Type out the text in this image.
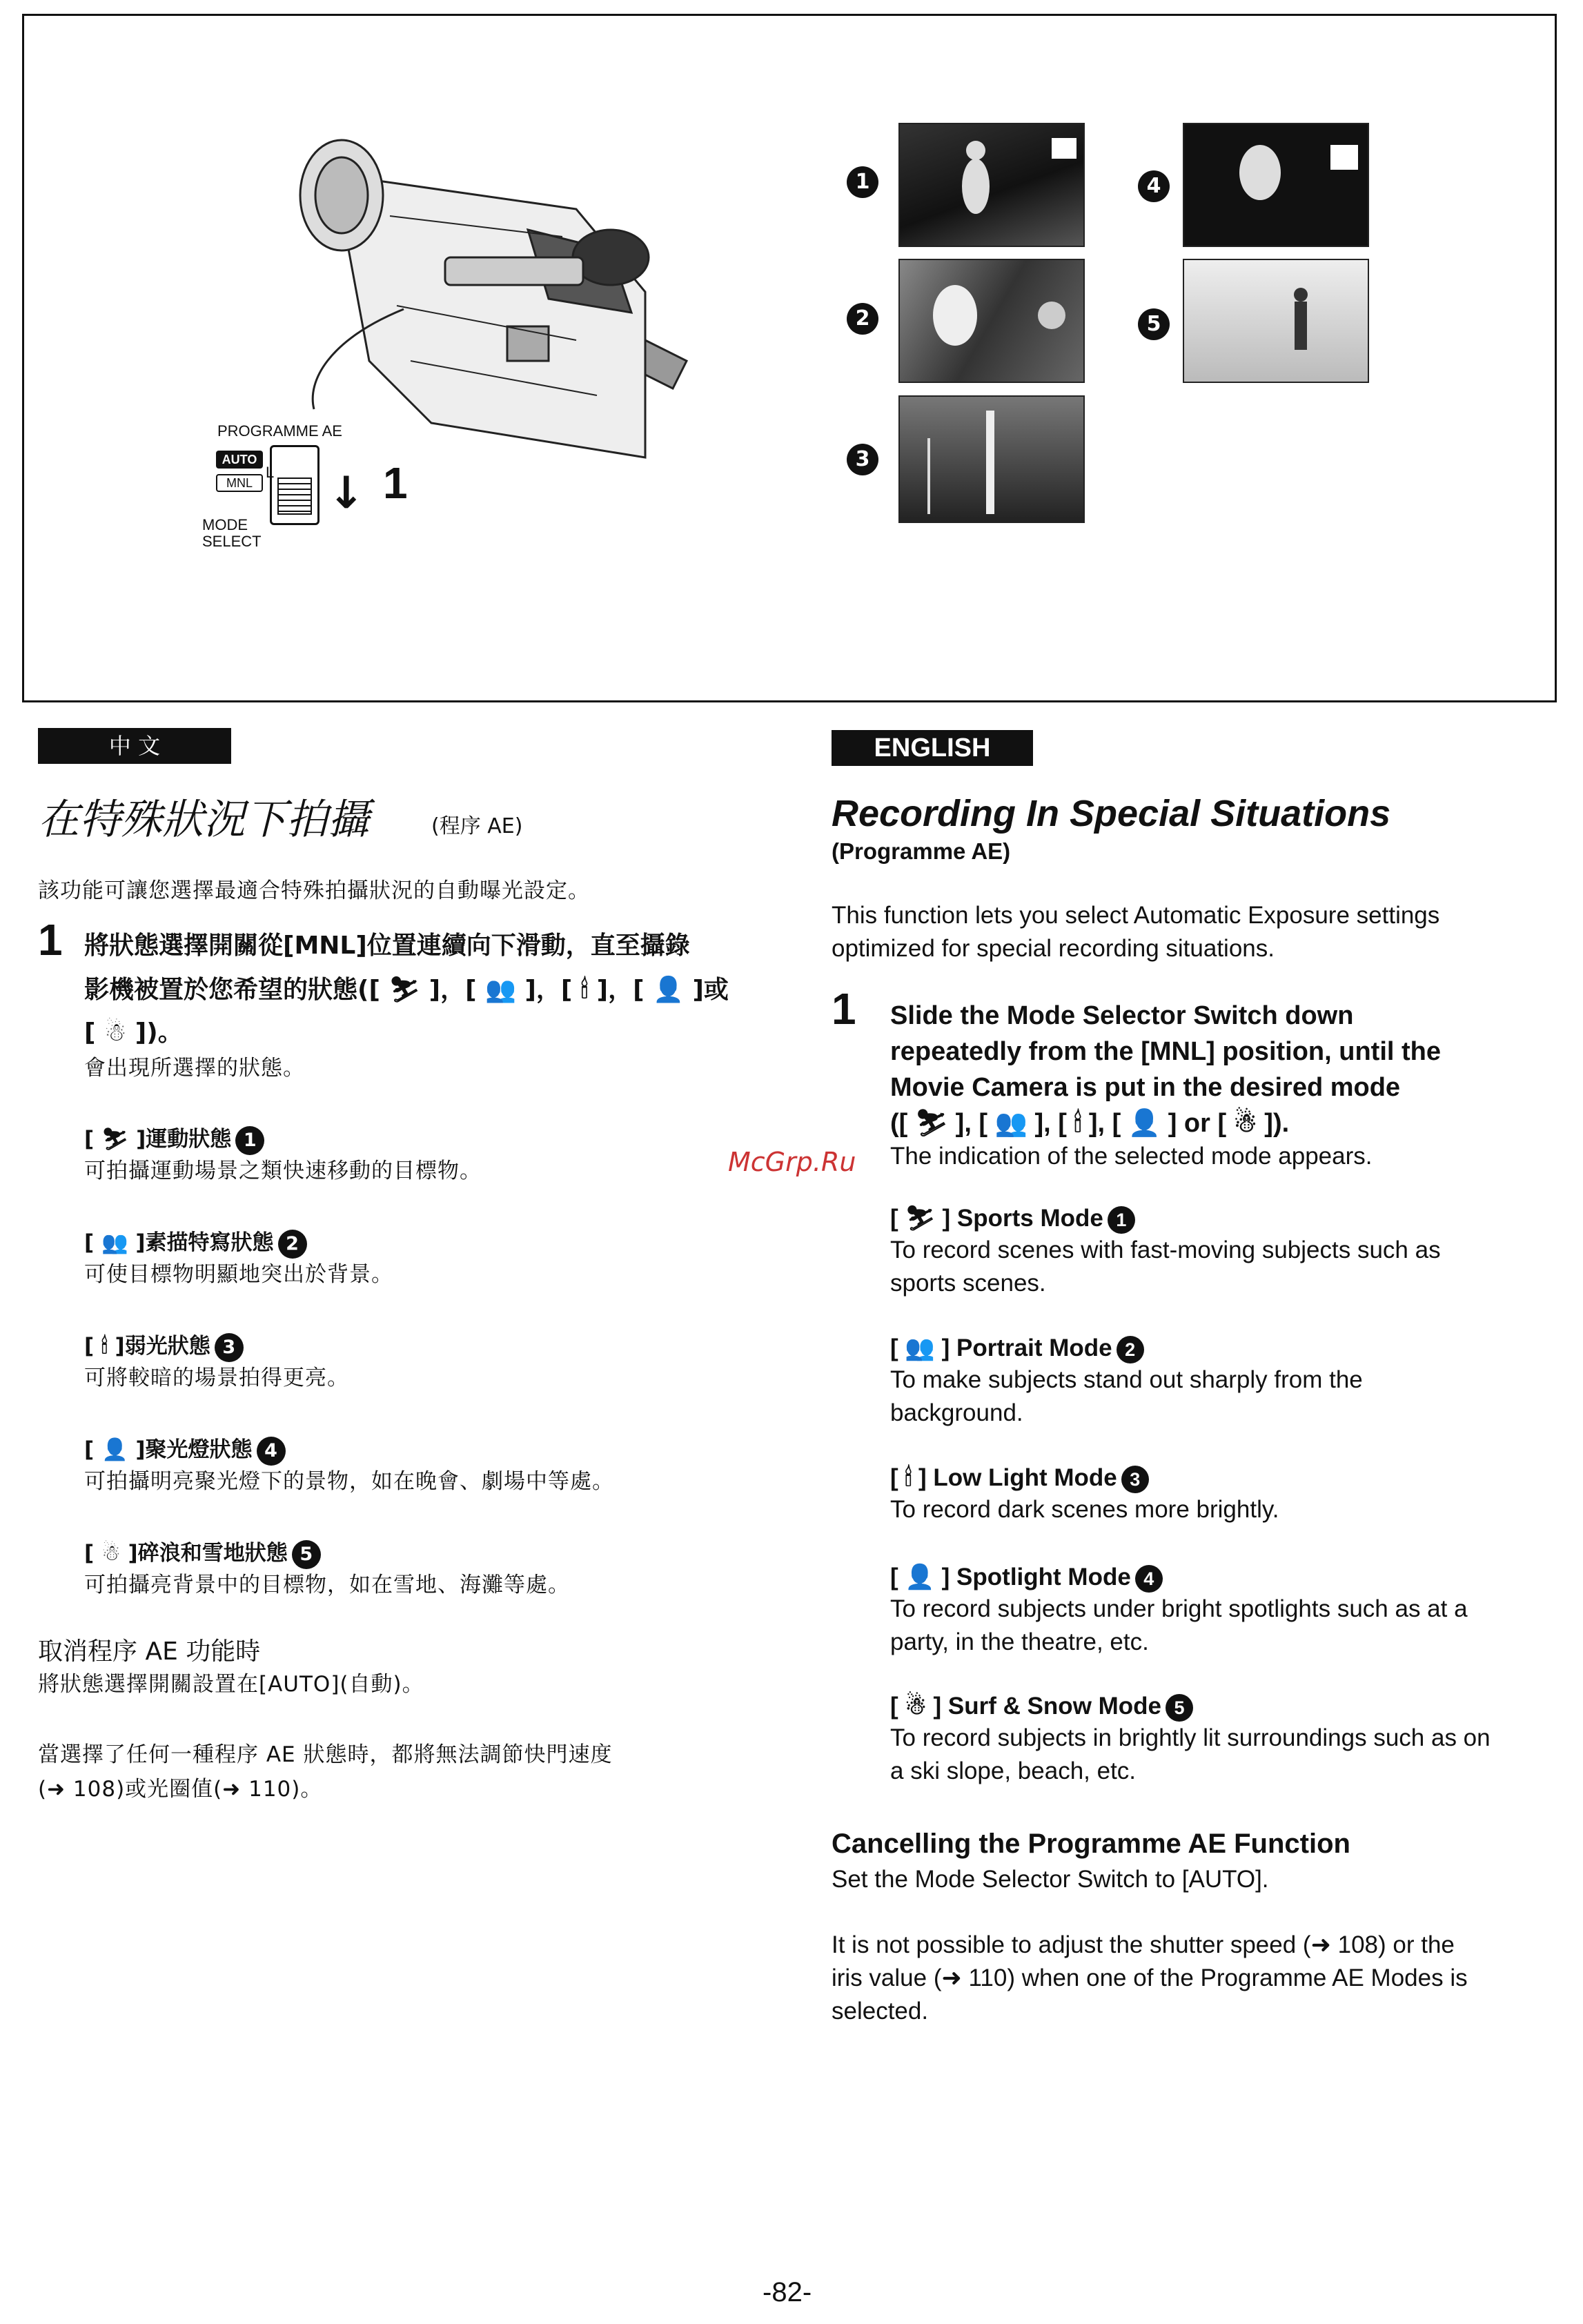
PROGRAMME AE
AUTO
MNL
L
MODE
SELECT
↓ 1
1	4
2	5
3
中 文
在特殊狀況下拍攝	(程序 AE)
該功能可讓您選擇最適合特殊拍攝狀況的自動曝光設定。
1 將狀態選擇開關從[MNL]位置連續向下滑動，直至攝錄
影機被置於您希望的狀態([ ⛷ ]，[ 👥 ]，[ 🕯 ]，[ 👤 ]或
[ ☃ ])。
會出現所選擇的狀態。
[ ⛷ ]運動狀態 1
可拍攝運動場景之類快速移動的目標物。
[ 👥 ]素描特寫狀態 2
可使目標物明顯地突出於背景。
[ 🕯 ]弱光狀態 3
可將較暗的場景拍得更亮。
[ 👤 ]聚光燈狀態 4
可拍攝明亮聚光燈下的景物，如在晚會、劇場中等處。
[ ☃ ]碎浪和雪地狀態 5
可拍攝亮背景中的目標物，如在雪地、海灘等處。
取消程序 AE 功能時
將狀態選擇開關設置在[AUTO](自動)。
當選擇了任何一種程序 AE 狀態時，都將無法調節快門速度
(➜ 108)或光圈值(➜ 110)。
McGrp.Ru
ENGLISH
Recording In Special Situations
(Programme AE)
This function lets you select Automatic Exposure settings
optimized for special recording situations.
1 Slide the Mode Selector Switch down
repeatedly from the [MNL] position, until the
Movie Camera is put in the desired mode
([ ⛷ ], [ 👥 ], [ 🕯 ], [ 👤 ] or [ ☃ ]).
The indication of the selected mode appears.
[ ⛷ ] Sports Mode 1
To record scenes with fast-moving subjects such as
sports scenes.
[ 👥 ] Portrait Mode 2
To make subjects stand out sharply from the
background.
[ 🕯 ] Low Light Mode 3
To record dark scenes more brightly.
[ 👤 ] Spotlight Mode 4
To record subjects under bright spotlights such as at a
party, in the theatre, etc.
[ ☃ ] Surf & Snow Mode 5
To record subjects in brightly lit surroundings such as on
a ski slope, beach, etc.
Cancelling the Programme AE Function
Set the Mode Selector Switch to [AUTO].
It is not possible to adjust the shutter speed (➜ 108) or the
iris value (➜ 110) when one of the Programme AE Modes is
selected.
-82-
